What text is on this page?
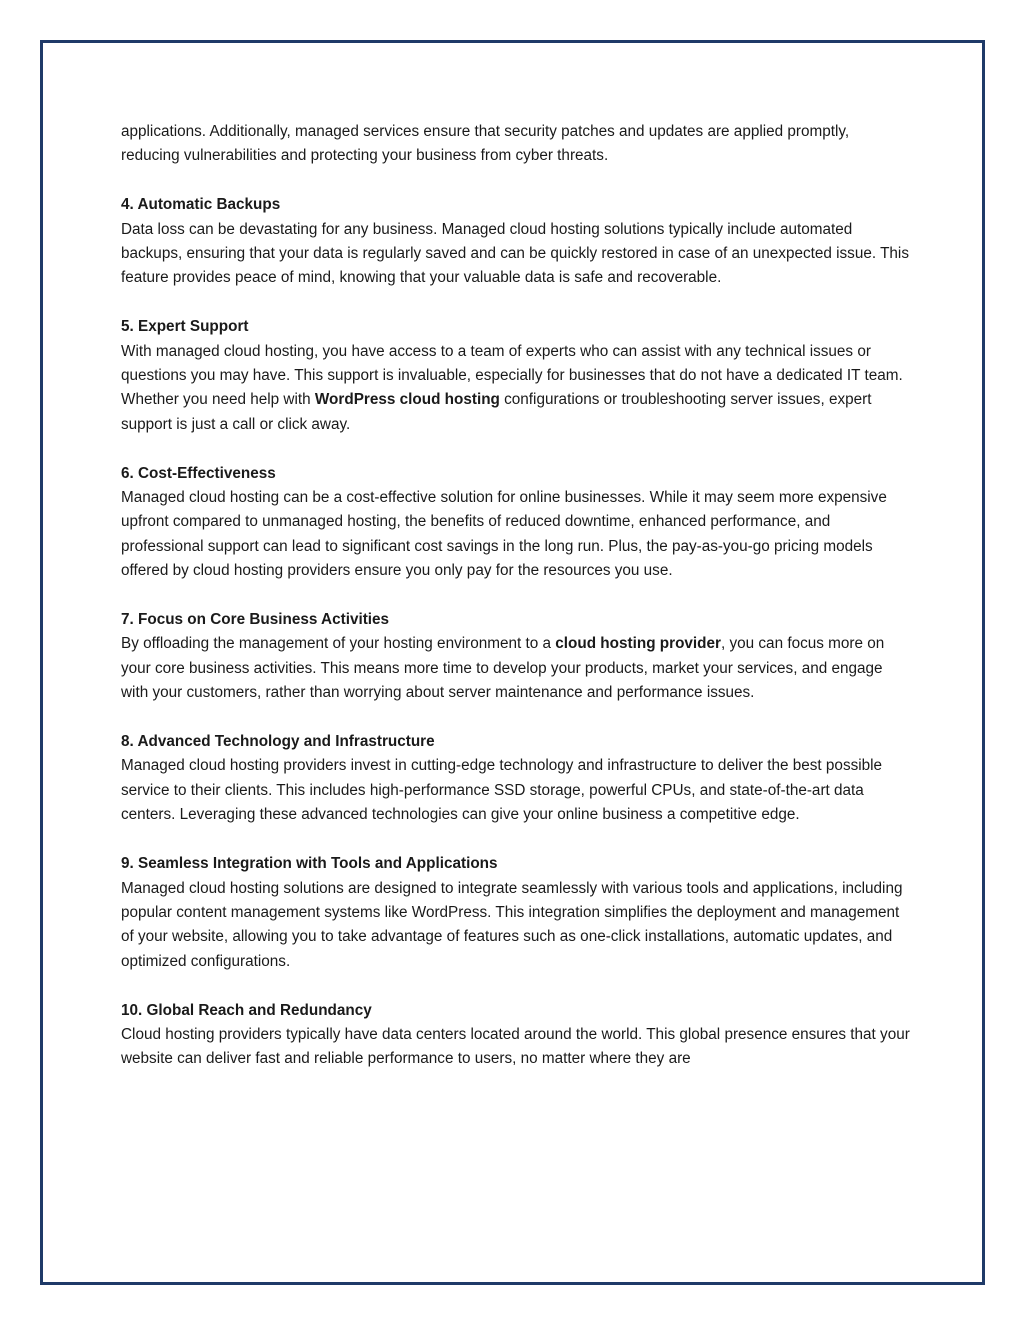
applications. Additionally, managed services ensure that security patches and updates are applied promptly, reducing vulnerabilities and protecting your business from cyber threats.

4. Automatic Backups

Data loss can be devastating for any business. Managed cloud hosting solutions typically include automated backups, ensuring that your data is regularly saved and can be quickly restored in case of an unexpected issue. This feature provides peace of mind, knowing that your valuable data is safe and recoverable.

5. Expert Support

With managed cloud hosting, you have access to a team of experts who can assist with any technical issues or questions you may have. This support is invaluable, especially for businesses that do not have a dedicated IT team. Whether you need help with WordPress cloud hosting configurations or troubleshooting server issues, expert support is just a call or click away.

6. Cost-Effectiveness

Managed cloud hosting can be a cost-effective solution for online businesses. While it may seem more expensive upfront compared to unmanaged hosting, the benefits of reduced downtime, enhanced performance, and professional support can lead to significant cost savings in the long run. Plus, the pay-as-you-go pricing models offered by cloud hosting providers ensure you only pay for the resources you use.

7. Focus on Core Business Activities

By offloading the management of your hosting environment to a cloud hosting provider, you can focus more on your core business activities. This means more time to develop your products, market your services, and engage with your customers, rather than worrying about server maintenance and performance issues.

8. Advanced Technology and Infrastructure

Managed cloud hosting providers invest in cutting-edge technology and infrastructure to deliver the best possible service to their clients. This includes high-performance SSD storage, powerful CPUs, and state-of-the-art data centers. Leveraging these advanced technologies can give your online business a competitive edge.

9. Seamless Integration with Tools and Applications

Managed cloud hosting solutions are designed to integrate seamlessly with various tools and applications, including popular content management systems like WordPress. This integration simplifies the deployment and management of your website, allowing you to take advantage of features such as one-click installations, automatic updates, and optimized configurations.

10. Global Reach and Redundancy

Cloud hosting providers typically have data centers located around the world. This global presence ensures that your website can deliver fast and reliable performance to users, no matter where they are
